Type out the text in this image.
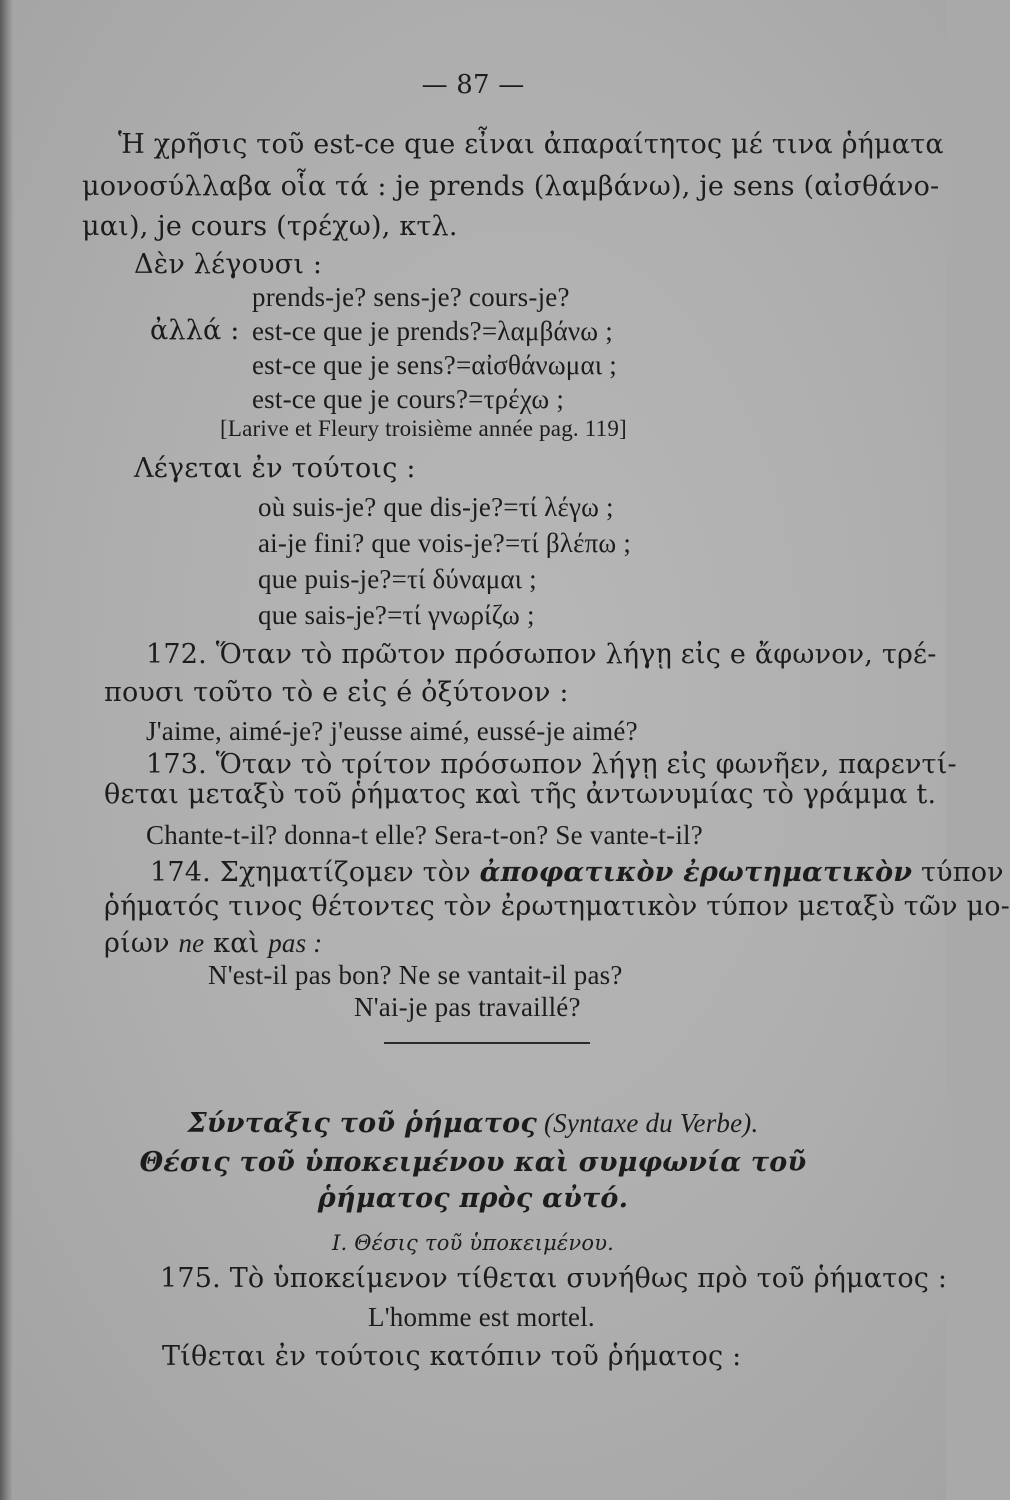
— 87 —
Ἡ χρῆσις τοῦ est-ce que εἶναι ἀπαραίτητος μέ τινα ῥήματα
μονοσύλλαβα οἷα τά : je prends (λαμβάνω), je sens (αἰσθάνο-
μαι), je cours (τρέχω), κτλ.
Δὲν λέγουσι :
prends-je? sens-je? cours-je?
ἀλλά : est-ce que je prends?=λαμβάνω ;
est-ce que je sens?=αἰσθάνωμαι ;
est-ce que je cours?=τρέχω ;
[Larive et Fleury troisième année pag. 119]
Λέγεται ἐν τούτοις :
où suis-je? que dis-je?=τί λέγω ;
ai-je fini? que vois-je?=τί βλέπω ;
que puis-je?=τί δύναμαι ;
que sais-je?=τί γνωρίζω ;
172. Ὅταν τὸ πρῶτον πρόσωπον λήγῃ εἰς e ἄφωνον, τρέ-
πουσι τοῦτο τὸ e εἰς é ὀξύτονον :
J'aime, aimé-je? j'eusse aimé, eussé-je aimé?
173. Ὅταν τὸ τρίτον πρόσωπον λήγῃ εἰς φωνῆεν, παρεντί-
θεται μεταξὺ τοῦ ῥήματος καὶ τῆς ἀντωνυμίας τὸ γράμμα t.
Chante-t-il? donna-t elle? Sera-t-on? Se vante-t-il?
174. Σχηματίζομεν τὸν ἀποφατικὸν ἐρωτηματικὸν τύπον
ῥήματός τινος θέτοντες τὸν ἐρωτηματικὸν τύπον μεταξὺ τῶν μο-
ρίων ne καὶ pas :
N'est-il pas bon? Ne se vantait-il pas?
N'ai-je pas travaillé?
Σύνταξις τοῦ ῥήματος (Syntaxe du Verbe).
Θέσις τοῦ ὑποκειμένου καὶ συμφωνία τοῦ
ῥήματος πρὸς αὐτό.
I. Θέσις τοῦ ὑποκειμένου.
175. Τὸ ὑποκείμενον τίθεται συνήθως πρὸ τοῦ ῥήματος :
L'homme est mortel.
Τίθεται ἐν τούτοις κατόπιν τοῦ ῥήματος :
